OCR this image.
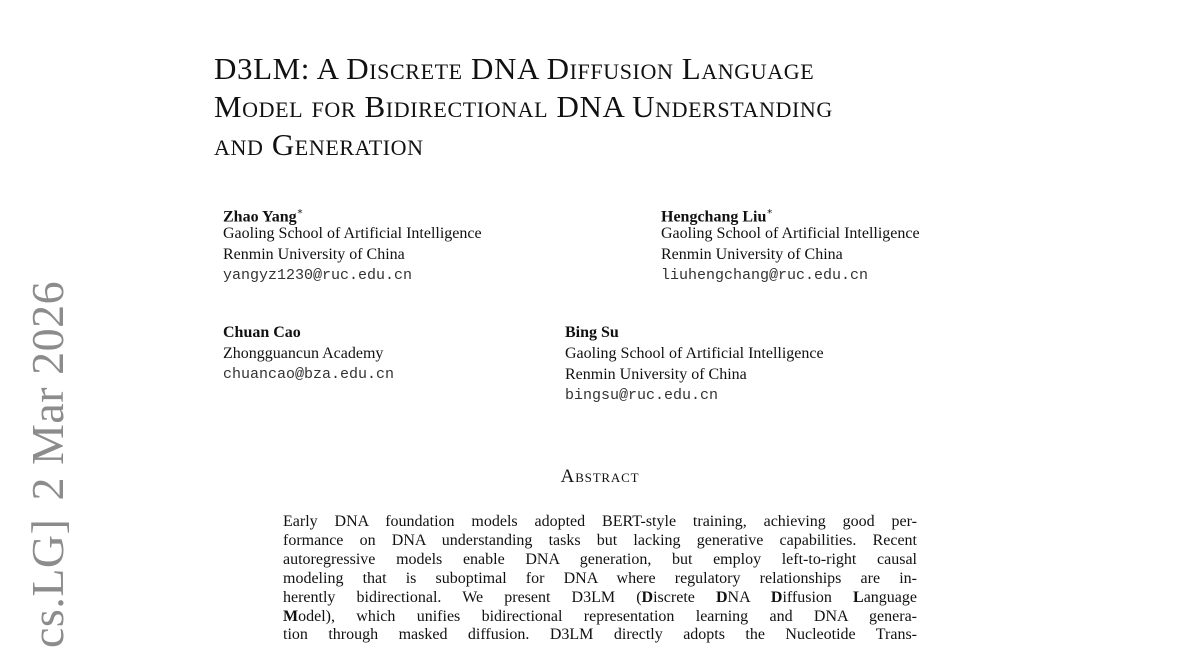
cs.LG]2 Mar 2026
D3LM: A Discrete DNA Diffusion Language
Model for Bidirectional DNA Understanding
and Generation
Zhao Yang∗
Gaoling School of Artificial Intelligence
Renmin University of China
yangyz1230@ruc.edu.cn
Hengchang Liu∗
Gaoling School of Artificial Intelligence
Renmin University of China
liuhengchang@ruc.edu.cn
Chuan Cao
Zhongguancun Academy
chuancao@bza.edu.cn
Bing Su
Gaoling School of Artificial Intelligence
Renmin University of China
bingsu@ruc.edu.cn
Abstract
Early DNA foundation models adopted BERT-style training, achieving good per-
formance on DNA understanding tasks but lacking generative capabilities. Recent
autoregressive models enable DNA generation, but employ left-to-right causal
modeling that is suboptimal for DNA where regulatory relationships are in-
herently bidirectional. We present D3LM (Discrete DNA Diffusion Language
Model), which unifies bidirectional representation learning and DNA genera-
tion through masked diffusion. D3LM directly adopts the Nucleotide Trans-
